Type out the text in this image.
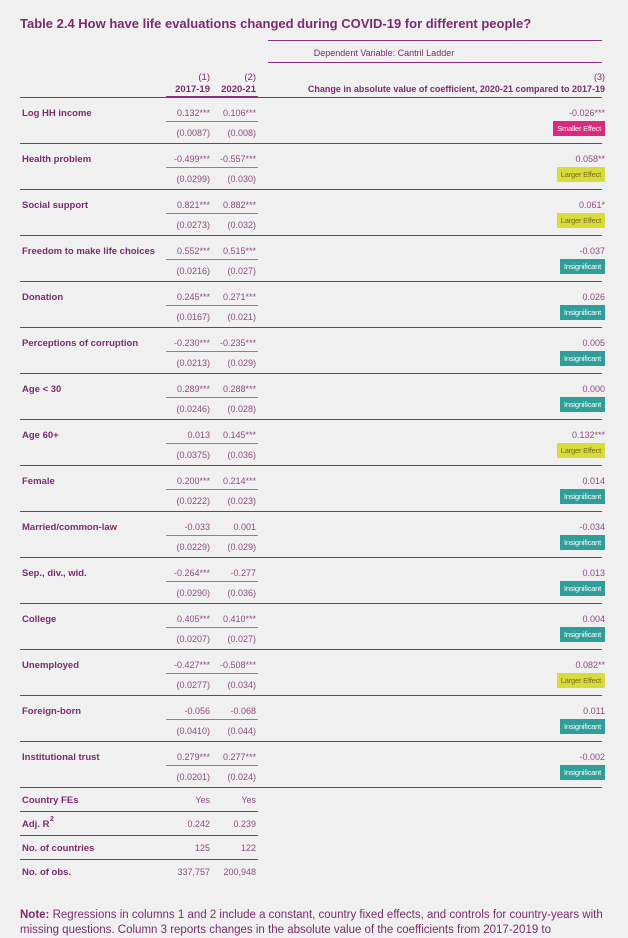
Table 2.4 How have life evaluations changed during COVID-19 for different people?
Dependent Variable: Cantril Ladder
(1)	(2)	(3)
2017-19 2020-21	Change in absolute value of coefficient, 2020-21 compared to 2017-19
Log HH income	0.132*** 0.106***	-0.026***
(0.0087) (0.008)	Smaller Effect
Health problem	-0.499*** -0.557***	0.058**
(0.0299) (0.030)	Larger Effect
Social support	0.821*** 0.882***	0.061*
(0.0273) (0.032)	Larger Effect
Freedom to make life choices 0.552*** 0.515***	-0.037
(0.0216) (0.027)	Insignificant
Donation	0.245*** 0.271***	0.026
(0.0167) (0.021)	Insignificant
Perceptions of corruption	-0.230*** -0.235***	0.005
(0.0213) (0.029)	Insignificant
Age < 30	0.289*** 0.288***	0.000
(0.0246) (0.028)	Insignificant
Age 60+	0.013 0.145***	0.132***
(0.0375) (0.036)	Larger Effect
Female	0.200*** 0.214***	0.014
(0.0222) (0.023)	Insignificant
Married/common-law	-0.033	0.001	-0.034
(0.0229) (0.029)	Insignificant
Sep., div., wid.	-0.264*** -0.277	0.013
(0.0290) (0.036)	Insignificant
College	0.405*** 0.410***	0.004
(0.0207) (0.027)	Insignificant
Unemployed	-0.427*** -0.508***	0.082**
(0.0277) (0.034)	Larger Effect
Foreign-born	-0.056 -0.068	0.011
(0.0410) (0.044)	Insignificant
Institutional trust	0.279*** 0.277***	-0.002
(0.0201) (0.024)	Insignificant
Country FEs	Yes	Yes
Adj. R 2	0.242	0.239
No. of countries	125	122
No. of obs.	337,757 200,948
Note: Regressions in columns 1 and 2 include a constant, country fixed effects, and controls for country-years with missing questions. Column 3 reports changes in the absolute value of the coefficients from 2017-2019 to
